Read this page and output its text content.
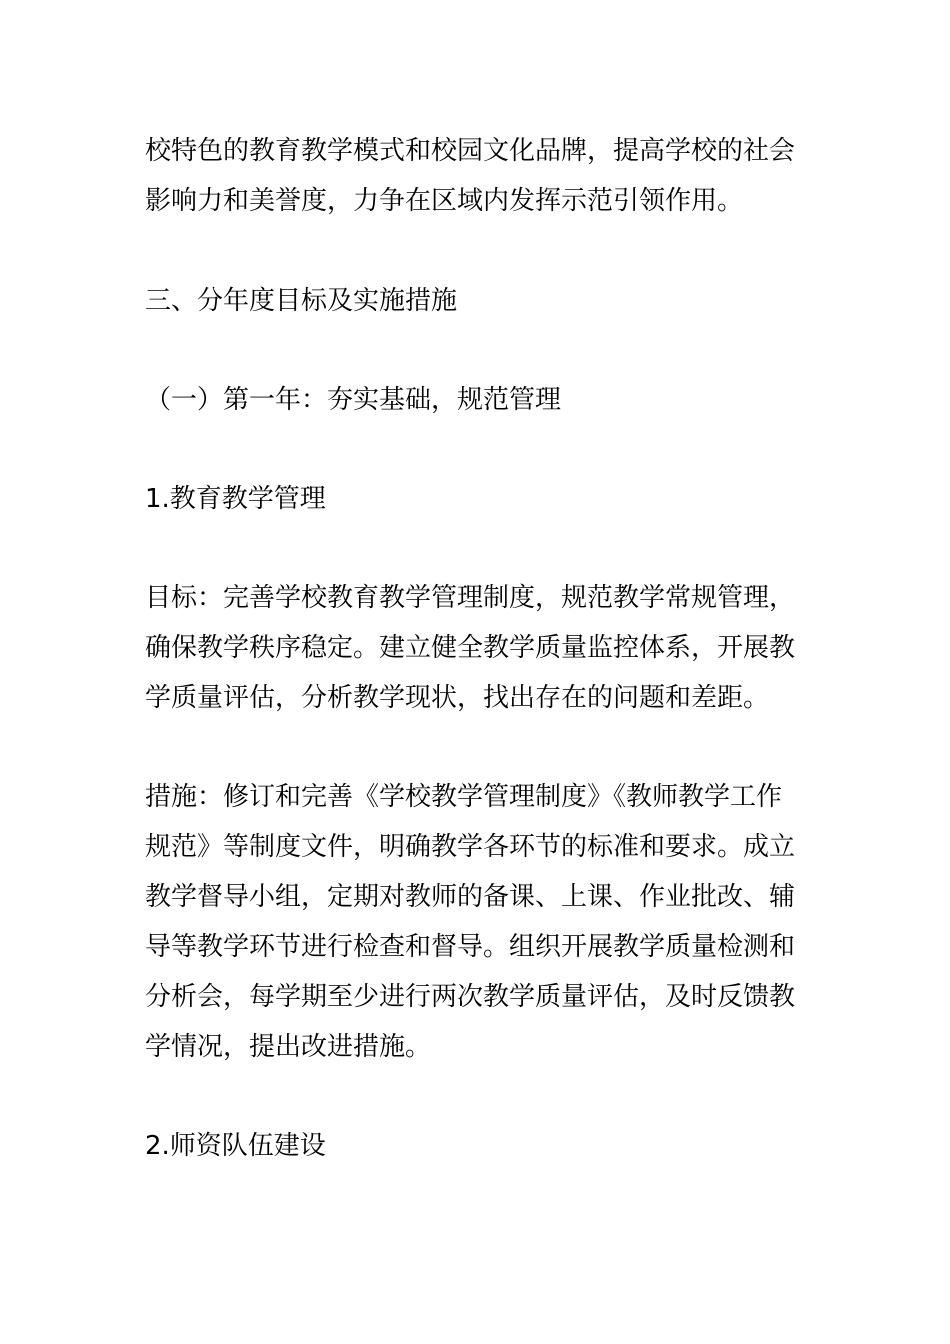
校特色的教育教学模式和校园文化品牌，提高学校的社会
影响力和美誉度，力争在区域内发挥示范引领作用。
三、分年度目标及实施措施
（一）第一年：夯实基础，规范管理
1.教育教学管理
目标：完善学校教育教学管理制度，规范教学常规管理，
确保教学秩序稳定。建立健全教学质量监控体系，开展教
学质量评估，分析教学现状，找出存在的问题和差距。
措施：修订和完善《学校教学管理制度》《教师教学工作
规范》等制度文件，明确教学各环节的标准和要求。成立
教学督导小组，定期对教师的备课、上课、作业批改、辅
导等教学环节进行检查和督导。组织开展教学质量检测和
分析会，每学期至少进行两次教学质量评估，及时反馈教
学情况，提出改进措施。
2.师资队伍建设
